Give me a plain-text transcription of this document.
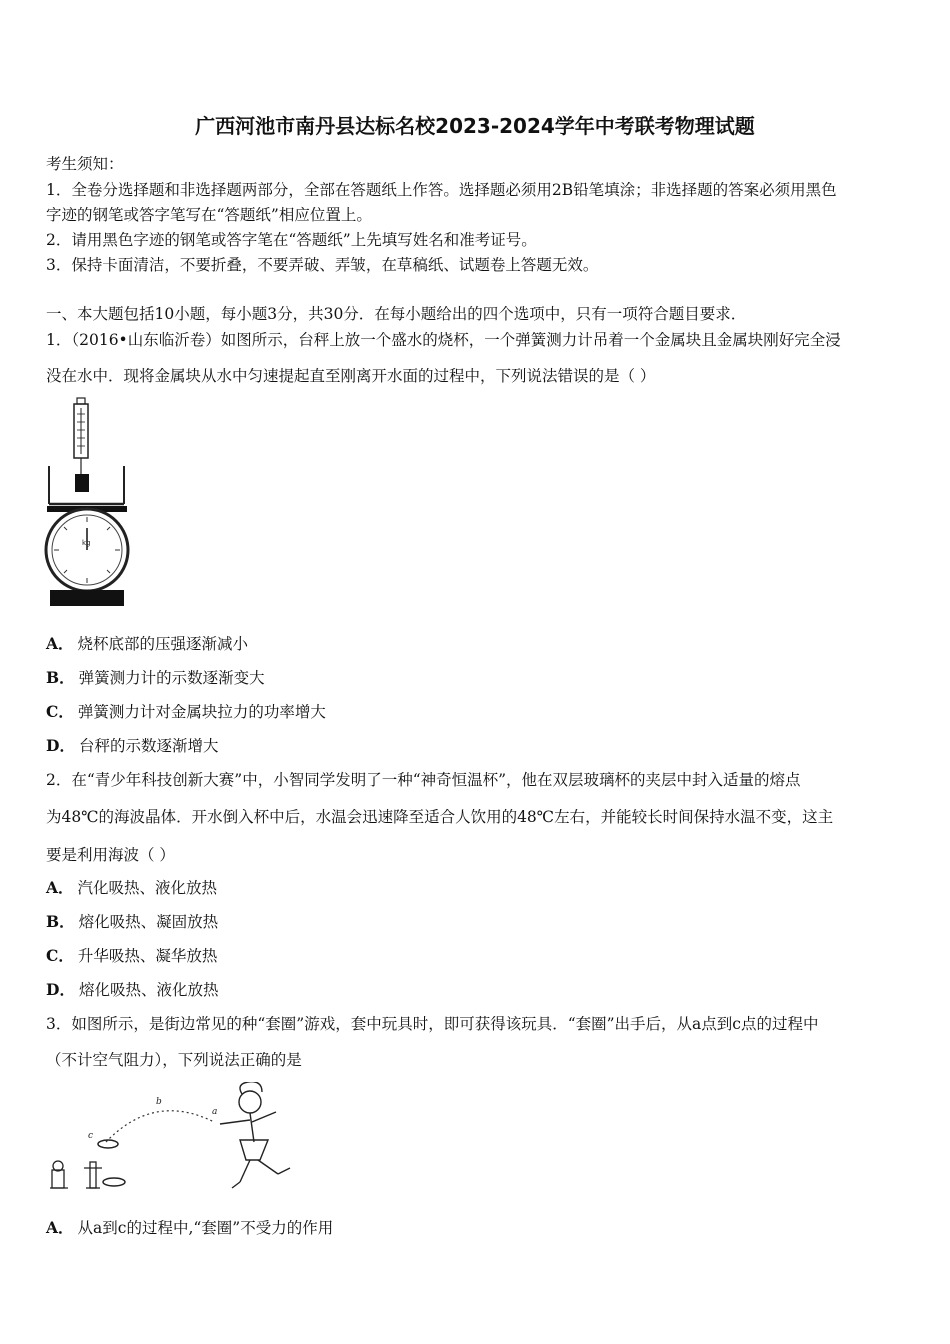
广西河池市南丹县达标名校2023-2024学年中考联考物理试题
考生须知：
1．全卷分选择题和非选择题两部分，全部在答题纸上作答。选择题必须用2B铅笔填涂；非选择题的答案必须用黑色
字迹的钢笔或答字笔写在“答题纸”相应位置上。
2．请用黑色字迹的钢笔或答字笔在“答题纸”上先填写姓名和准考证号。
3．保持卡面清洁，不要折叠，不要弄破、弄皱，在草稿纸、试题卷上答题无效。
一、本大题包括10小题，每小题3分，共30分．在每小题给出的四个选项中，只有一项符合题目要求．
1．（2016•山东临沂卷）如图所示，台秤上放一个盛水的烧杯，一个弹簧测力计吊着一个金属块且金属块刚好完全浸
没在水中．现将金属块从水中匀速提起直至刚离开水面的过程中，下列说法错误的是（ ）
kg
A． 烧杯底部的压强逐渐减小
B． 弹簧测力计的示数逐渐变大
C． 弹簧测力计对金属块拉力的功率增大
D． 台秤的示数逐渐增大
2．在“青少年科技创新大赛”中，小智同学发明了一种“神奇恒温杯”，他在双层玻璃杯的夹层中封入适量的熔点
为48℃的海波晶体．开水倒入杯中后，水温会迅速降至适合人饮用的48℃左右，并能较长时间保持水温不变，这主
要是利用海波（ ）
A． 汽化吸热、液化放热
B． 熔化吸热、凝固放热
C． 升华吸热、凝华放热
D． 熔化吸热、液化放热
3．如图所示，是街边常见的种“套圈”游戏，套中玩具时，即可获得该玩具．“套圈”出手后，从a点到c点的过程中
（不计空气阻力），下列说法正确的是
b
a
c
A． 从a到c的过程中,“套圈”不受力的作用
